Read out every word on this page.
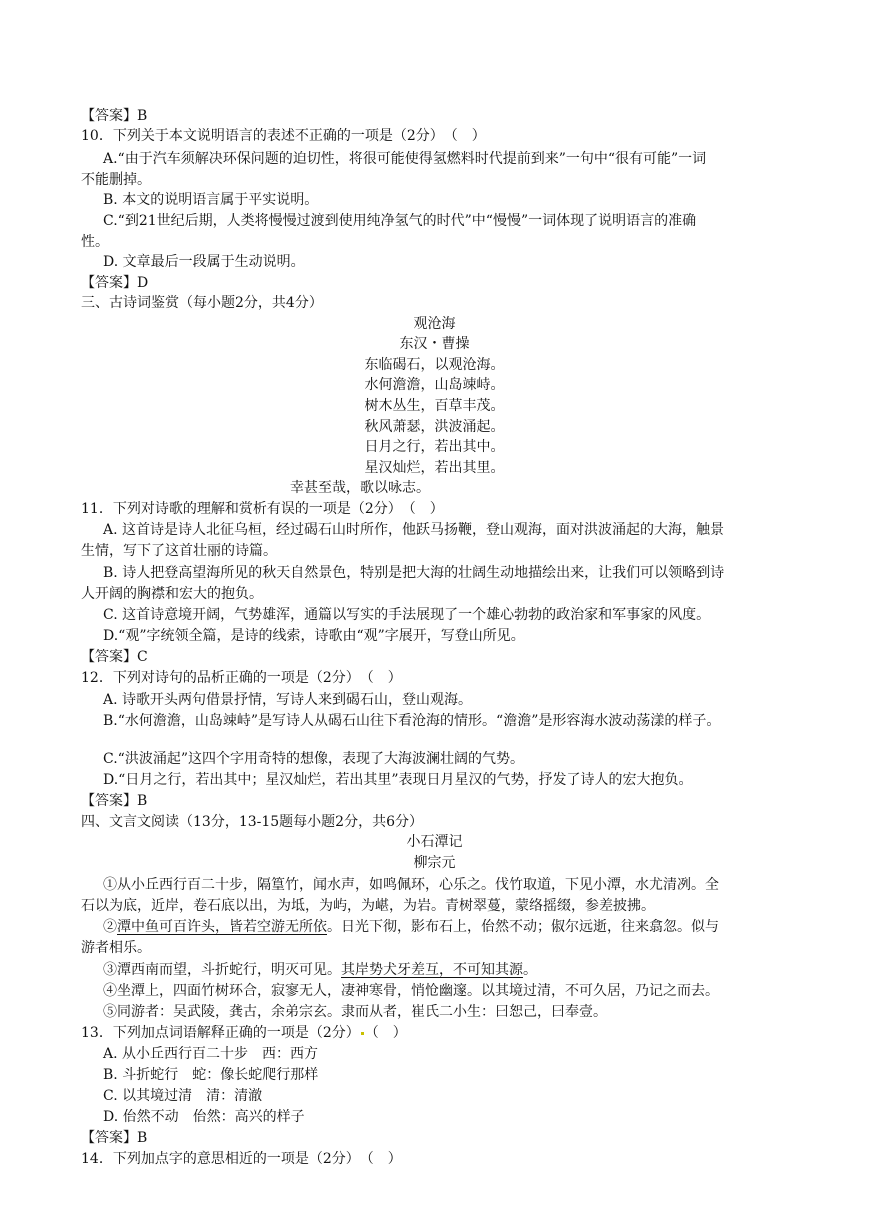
【答案】B
10．下列关于本文说明语言的表述不正确的一项是（2分）　（　）
A.“由于汽车须解决环保问题的迫切性，将很可能使得氢燃料时代提前到来”一句中“很有可能”一词
不能删掉。
B. 本文的说明语言属于平实说明。
C.“到21世纪后期，人类将慢慢过渡到使用纯净氢气的时代”中“慢慢”一词体现了说明语言的准确
性。
D. 文章最后一段属于生动说明。
【答案】D
三、古诗词鉴赏（每小题2分，共4分）
观沧海
东汉・曹操
东临碣石，以观沧海。
水何澹澹，山岛竦峙。
树木丛生，百草丰茂。
秋风萧瑟，洪波涌起。
日月之行，若出其中。
星汉灿烂，若出其里。
幸甚至哉，歌以咏志。
11．下列对诗歌的理解和赏析有误的一项是（2分）　（　）
A. 这首诗是诗人北征乌桓，经过碣石山时所作，他跃马扬鞭，登山观海，面对洪波涌起的大海，触景
生情，写下了这首壮丽的诗篇。
B. 诗人把登高望海所见的秋天自然景色，特别是把大海的壮阔生动地描绘出来，让我们可以领略到诗
人开阔的胸襟和宏大的抱负。
C. 这首诗意境开阔，气势雄浑，通篇以写实的手法展现了一个雄心勃勃的政治家和军事家的风度。
D.“观”字统领全篇，是诗的线索，诗歌由“观”字展开，写登山所见。
【答案】C
12．下列对诗句的品析正确的一项是（2分）　（　）
A. 诗歌开头两句借景抒情，写诗人来到碣石山，登山观海。
B.“水何澹澹，山岛竦峙”是写诗人从碣石山往下看沧海的情形。“澹澹”是形容海水波动荡漾的样子。
C.“洪波涌起”这四个字用奇特的想像，表现了大海波澜壮阔的气势。
D.“日月之行，若出其中；星汉灿烂，若出其里”表现日月星汉的气势，抒发了诗人的宏大抱负。
【答案】B
四、文言文阅读（13分，13-15题每小题2分，共6分）
小石潭记
柳宗元
①从小丘西行百二十步，隔篁竹，闻水声，如鸣佩环，心乐之。伐竹取道，下见小潭，水尤清冽。全
石以为底，近岸，卷石底以出，为坻，为屿，为嵁，为岩。青树翠蔓，蒙络摇缀，参差披拂。
②潭中鱼可百许头，皆若空游无所依。日光下彻，影布石上，佁然不动；俶尔远逝，往来翕忽。似与
游者相乐。
③潭西南而望，斗折蛇行，明灭可见。其岸势犬牙差互，不可知其源。
④坐潭上，四面竹树环合，寂寥无人，凄神寒骨，悄怆幽邃。以其境过清，不可久居，乃记之而去。
⑤同游者：吴武陵，龚古，余弟宗玄。隶而从者，崔氏二小生：曰恕己，曰奉壹。
13．下列加点词语解释正确的一项是（2分） （　）
A. 从小丘西行百二十步　西：西方
B. 斗折蛇行　蛇：像长蛇爬行那样
C. 以其境过清　清：清澈
D. 佁然不动　佁然：高兴的样子
【答案】B
14．下列加点字的意思相近的一项是（2分）　（　）
